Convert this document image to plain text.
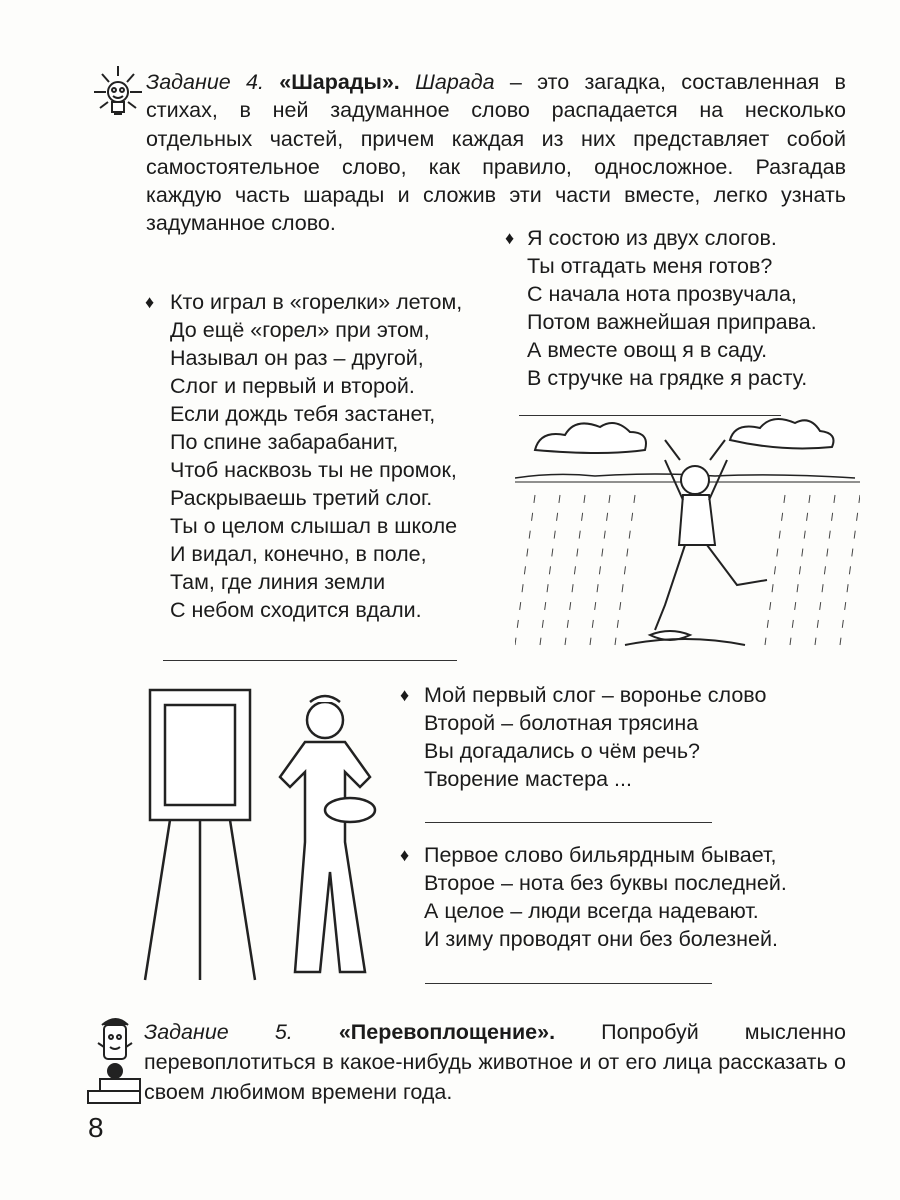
Задание 4. «Шарады». Шарада – это загадка, составленная в стихах, в ней задуманное слово распадается на несколько отдельных частей, причем каждая из них представляет собой самостоятельное слово, как правило, односложное. Разгадав каждую часть шарады и сложив эти части вместе, легко узнать задуманное слово.

♦ Кто играл в «горелки» летом,
До ещё «горел» при этом,
Называл он раз – другой,
Слог и первый и второй.
Если дождь тебя застанет,
По спине забарабанит,
Чтоб насквозь ты не промок,
Раскрываешь третий слог.
Ты о целом слышал в школе
И видал, конечно, в поле,
Там, где линия земли
С небом сходится вдали.
♦ Я состою из двух слогов.
Ты отгадать меня готов?
С начала нота прозвучала,
Потом важнейшая приправа.
А вместе овощ я в саду.
В стручке на грядке я расту.
♦ Мой первый слог – воронье слово
Второй – болотная трясина
Вы догадались о чём речь?
Творение мастера ...
♦ Первое слово бильярдным бывает,
Второе – нота без буквы последней.
А целое – люди всегда надевают.
И зиму проводят они без болезней.

Задание 5. «Перевоплощение». Попробуй мысленно перевоплотиться в какое-нибудь животное и от его лица рассказать о своем любимом времени года.

8
